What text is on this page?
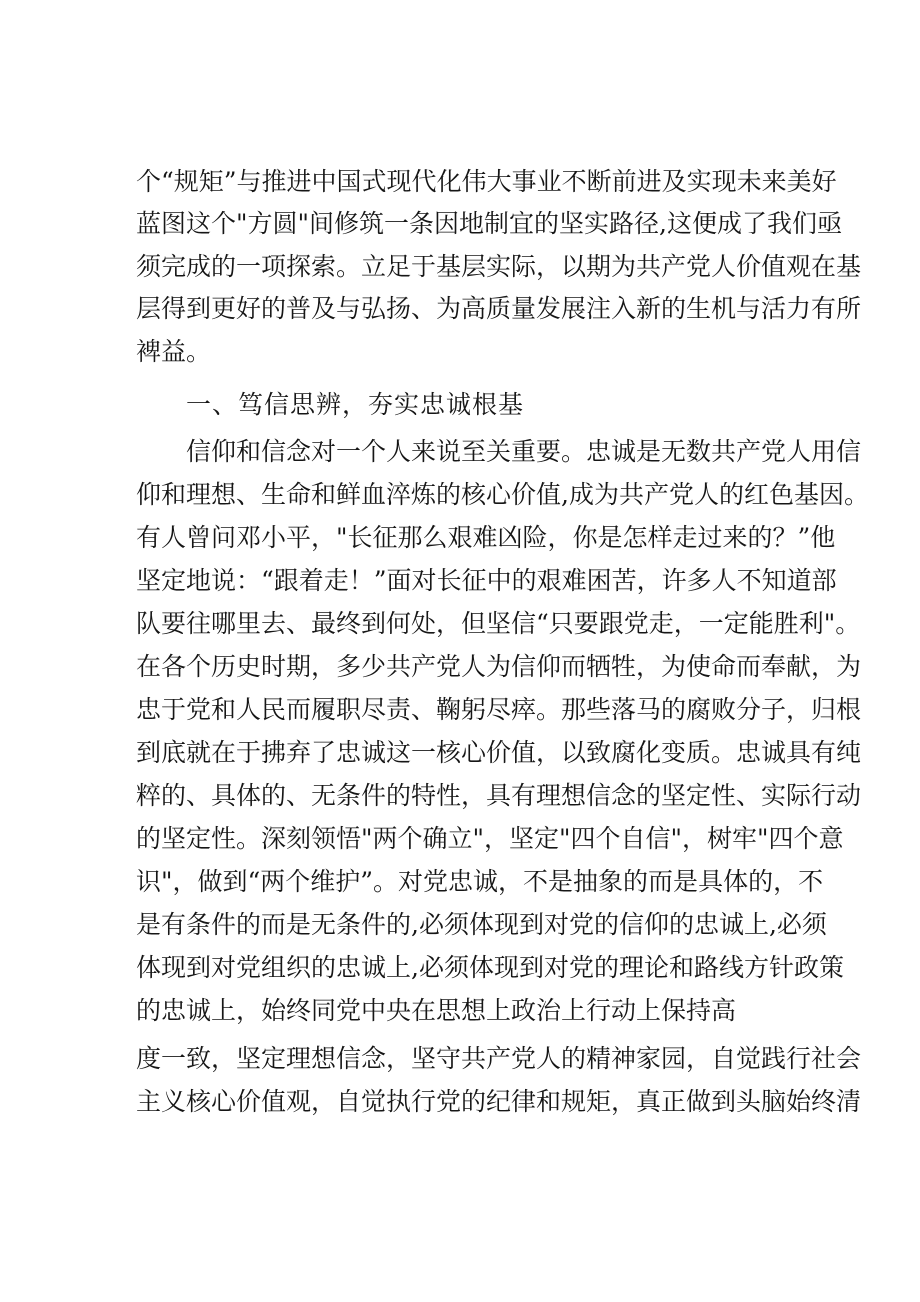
个“规矩”与推进中国式现代化伟大事业不断前进及实现未来美好

蓝图这个"方圆"间修筑一条因地制宜的坚实路径,这便成了我们亟

须完成的一项探索。立足于基层实际，以期为共产党人价值观在基

层得到更好的普及与弘扬、为高质量发展注入新的生机与活力有所

裨益。

一、笃信思辨，夯实忠诚根基

信仰和信念对一个人来说至关重要。忠诚是无数共产党人用信

仰和理想、生命和鲜血淬炼的核心价值,成为共产党人的红色基因。

有人曾问邓小平，"长征那么艰难凶险，你是怎样走过来的？”他

坚定地说：“跟着走！”面对长征中的艰难困苦，许多人不知道部

队要往哪里去、最终到何处，但坚信“只要跟党走，一定能胜利"。

在各个历史时期，多少共产党人为信仰而牺牲，为使命而奉献，为

忠于党和人民而履职尽责、鞠躬尽瘁。那些落马的腐败分子，归根

到底就在于拂弃了忠诚这一核心价值，以致腐化变质。忠诚具有纯

粹的、具体的、无条件的特性，具有理想信念的坚定性、实际行动

的坚定性。深刻领悟"两个确立"，坚定"四个自信"，树牢"四个意

识"，做到“两个维护”。对党忠诚，不是抽象的而是具体的，不

是有条件的而是无条件的,必须体现到对党的信仰的忠诚上,必须

体现到对党组织的忠诚上,必须体现到对党的理论和路线方针政策

的忠诚上，始终同党中央在思想上政治上行动上保持高

度一致，坚定理想信念，坚守共产党人的精神家园，自觉践行社会

主义核心价值观，自觉执行党的纪律和规矩，真正做到头脑始终清
